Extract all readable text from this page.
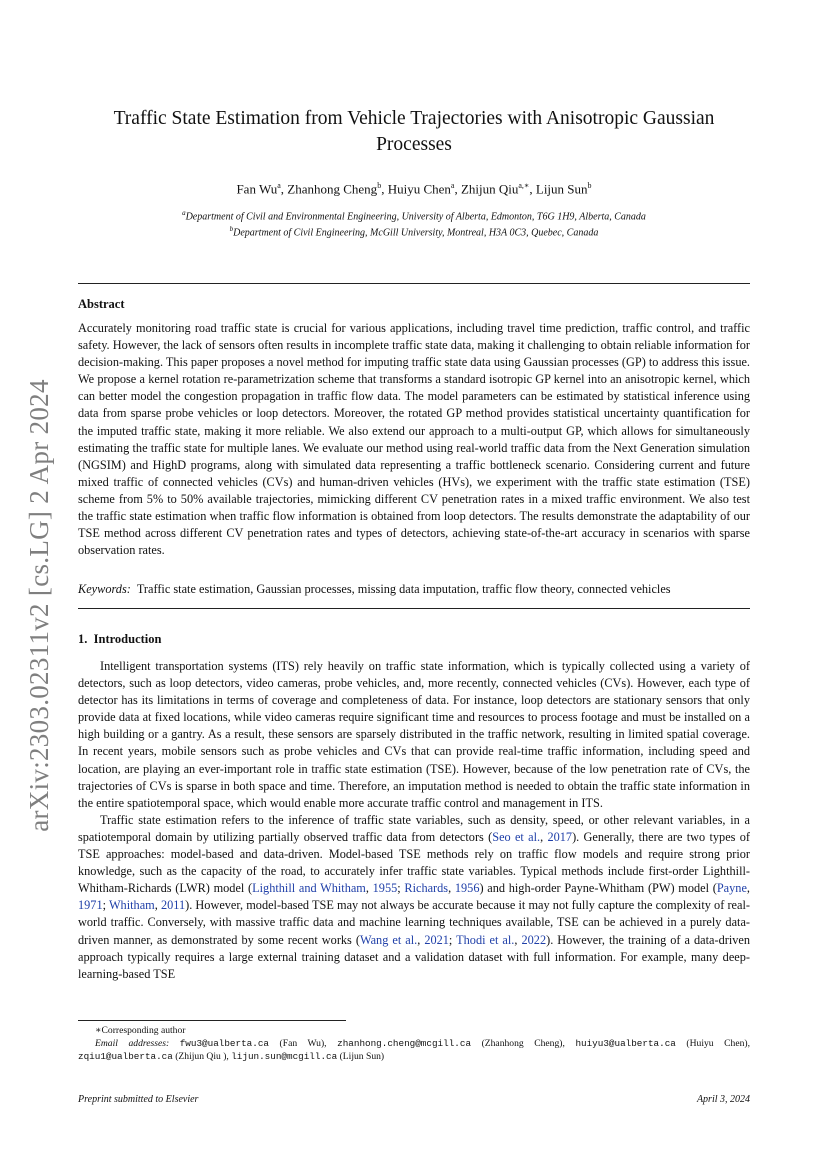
arXiv:2303.02311v2 [cs.LG] 2 Apr 2024
Traffic State Estimation from Vehicle Trajectories with Anisotropic Gaussian Processes
Fan Wu$^a$, Zhanhong Cheng$^b$, Huiyu Chen$^a$, Zhijun Qiu$^{a,∗}$, Lijun Sun$^b$
$^a$Department of Civil and Environmental Engineering, University of Alberta, Edmonton, T6G 1H9, Alberta, Canada
$^b$Department of Civil Engineering, McGill University, Montreal, H3A 0C3, Quebec, Canada
Abstract
Accurately monitoring road traffic state is crucial for various applications, including travel time prediction, traffic control, and traffic safety. However, the lack of sensors often results in incomplete traffic state data, making it challenging to obtain reliable information for decision-making. This paper proposes a novel method for imputing traffic state data using Gaussian processes (GP) to address this issue. We propose a kernel rotation re-parametrization scheme that transforms a standard isotropic GP kernel into an anisotropic kernel, which can better model the congestion propagation in traffic flow data. The model parameters can be estimated by statistical inference using data from sparse probe vehicles or loop detectors. Moreover, the rotated GP method provides statistical uncertainty quantification for the imputed traffic state, making it more reliable. We also extend our approach to a multi-output GP, which allows for simultaneously estimating the traffic state for multiple lanes. We evaluate our method using real-world traffic data from the Next Generation simulation (NGSIM) and HighD programs, along with simulated data representing a traffic bottleneck scenario. Considering current and future mixed traffic of connected vehicles (CVs) and human-driven vehicles (HVs), we experiment with the traffic state estimation (TSE) scheme from 5% to 50% available trajectories, mimicking different CV penetration rates in a mixed traffic environment. We also test the traffic state estimation when traffic flow information is obtained from loop detectors. The results demonstrate the adaptability of our TSE method across different CV penetration rates and types of detectors, achieving state-of-the-art accuracy in scenarios with sparse observation rates.
Keywords: Traffic state estimation, Gaussian processes, missing data imputation, traffic flow theory, connected vehicles
1. Introduction

Intelligent transportation systems (ITS) rely heavily on traffic state information, which is typically collected using a variety of detectors, such as loop detectors, video cameras, probe vehicles, and, more recently, connected vehicles (CVs). However, each type of detector has its limitations in terms of coverage and completeness of data. For instance, loop detectors are stationary sensors that only provide data at fixed locations, while video cameras require significant time and resources to process footage and must be installed on a high building or a gantry. As a result, these sensors are sparsely distributed in the traffic network, resulting in limited spatial coverage. In recent years, mobile sensors such as probe vehicles and CVs that can provide real-time traffic information, including speed and location, are playing an ever-important role in traffic state estimation (TSE). However, because of the low penetration rate of CVs, the trajectories of CVs is sparse in both space and time. Therefore, an imputation method is needed to obtain the traffic state information in the entire spatiotemporal space, which would enable more accurate traffic control and management in ITS.

Traffic state estimation refers to the inference of traffic state variables, such as density, speed, or other relevant variables, in a spatiotemporal domain by utilizing partially observed traffic data from detectors (Seo et al., 2017). Generally, there are two types of TSE approaches: model-based and data-driven. Model-based TSE methods rely on traffic flow models and require strong prior knowledge, such as the capacity of the road, to accurately infer traffic state variables. Typical methods include first-order Lighthill-Whitham-Richards (LWR) model (Lighthill and Whitham, 1955; Richards, 1956) and high-order Payne-Whitham (PW) model (Payne, 1971; Whitham, 2011). However, model-based TSE may not always be accurate because it may not fully capture the complexity of real-world traffic. Conversely, with massive traffic data and machine learning techniques available, TSE can be achieved in a purely data-driven manner, as demonstrated by some recent works (Wang et al., 2021; Thodi et al., 2022). However, the training of a data-driven approach typically requires a large external training dataset and a validation dataset with full information. For example, many deep-learning-based TSE

∗Corresponding author
Email addresses: fwu3@ualberta.ca (Fan Wu), zhanhong.cheng@mcgill.ca (Zhanhong Cheng), huiyu3@ualberta.ca (Huiyu Chen), zqiu1@ualberta.ca (Zhijun Qiu ), lijun.sun@mcgill.ca (Lijun Sun)
Preprint submitted to Elsevier	April 3, 2024
